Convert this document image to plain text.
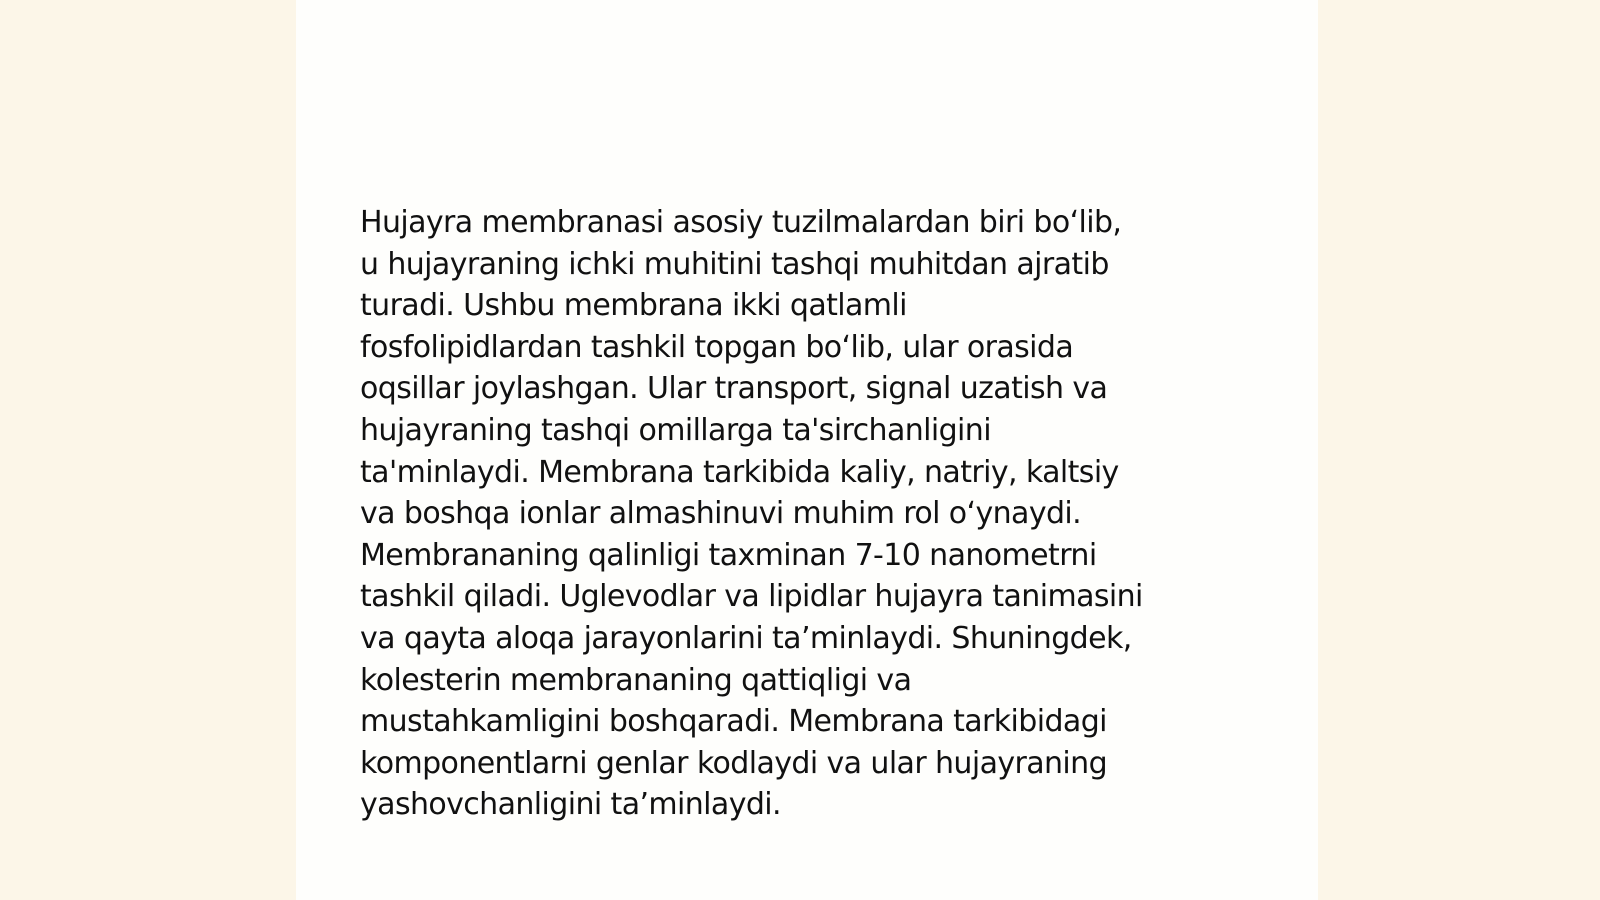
Hujayra membranasi asosiy tuzilmalardan biri bo‘lib,
u hujayraning ichki muhitini tashqi muhitdan ajratib
turadi. Ushbu membrana ikki qatlamli
fosfolipidlardan tashkil topgan bo‘lib, ular orasida
oqsillar joylashgan. Ular transport, signal uzatish va
hujayraning tashqi omillarga ta'sirchanligini
ta'minlaydi. Membrana tarkibida kaliy, natriy, kaltsiy
va boshqa ionlar almashinuvi muhim rol o‘ynaydi.
Membrananing qalinligi taxminan 7-10 nanometrni
tashkil qiladi. Uglevodlar va lipidlar hujayra tanimasini
va qayta aloqa jarayonlarini ta’minlaydi. Shuningdek,
kolesterin membrananing qattiqligi va
mustahkamligini boshqaradi. Membrana tarkibidagi
komponentlarni genlar kodlaydi va ular hujayraning
yashovchanligini ta’minlaydi.
